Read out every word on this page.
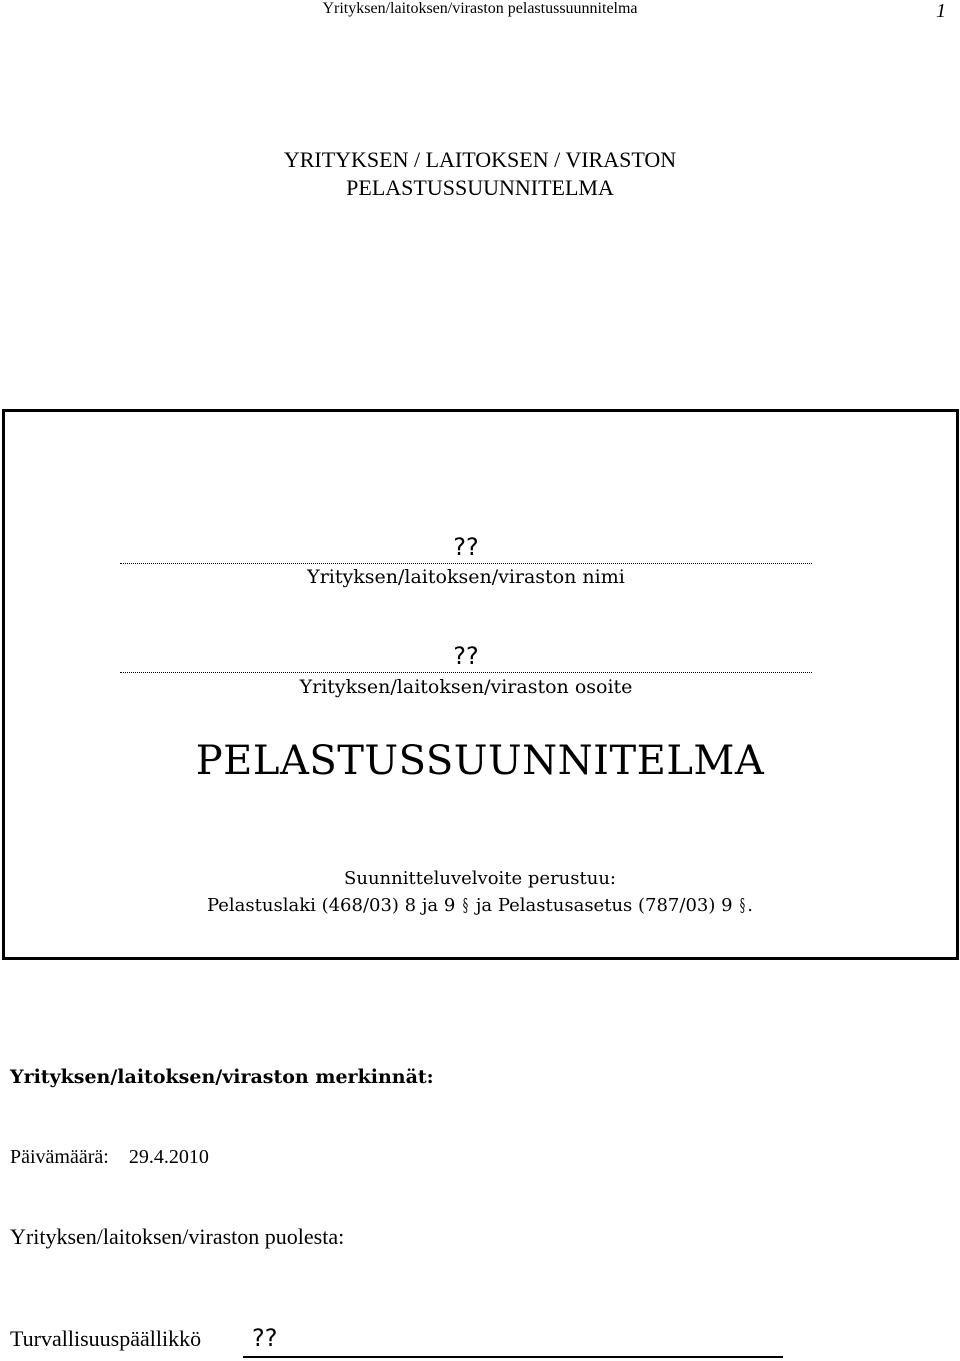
Yrityksen/laitoksen/viraston pelastussuunnitelma	1
YRITYKSEN / LAITOKSEN / VIRASTON
PELASTUSSUUNNITELMA
??
Yrityksen/laitoksen/viraston nimi
??
Yrityksen/laitoksen/viraston osoite
PELASTUSSUUNNITELMA
Suunnitteluvelvoite perustuu:
Pelastuslaki (468/03) 8 ja 9 § ja Pelastusasetus (787/03) 9 §.
Yrityksen/laitoksen/viraston merkinnät:
Päivämäärä: 29.4.2010
Yrityksen/laitoksen/viraston puolesta:
Turvallisuuspäällikkö ??
